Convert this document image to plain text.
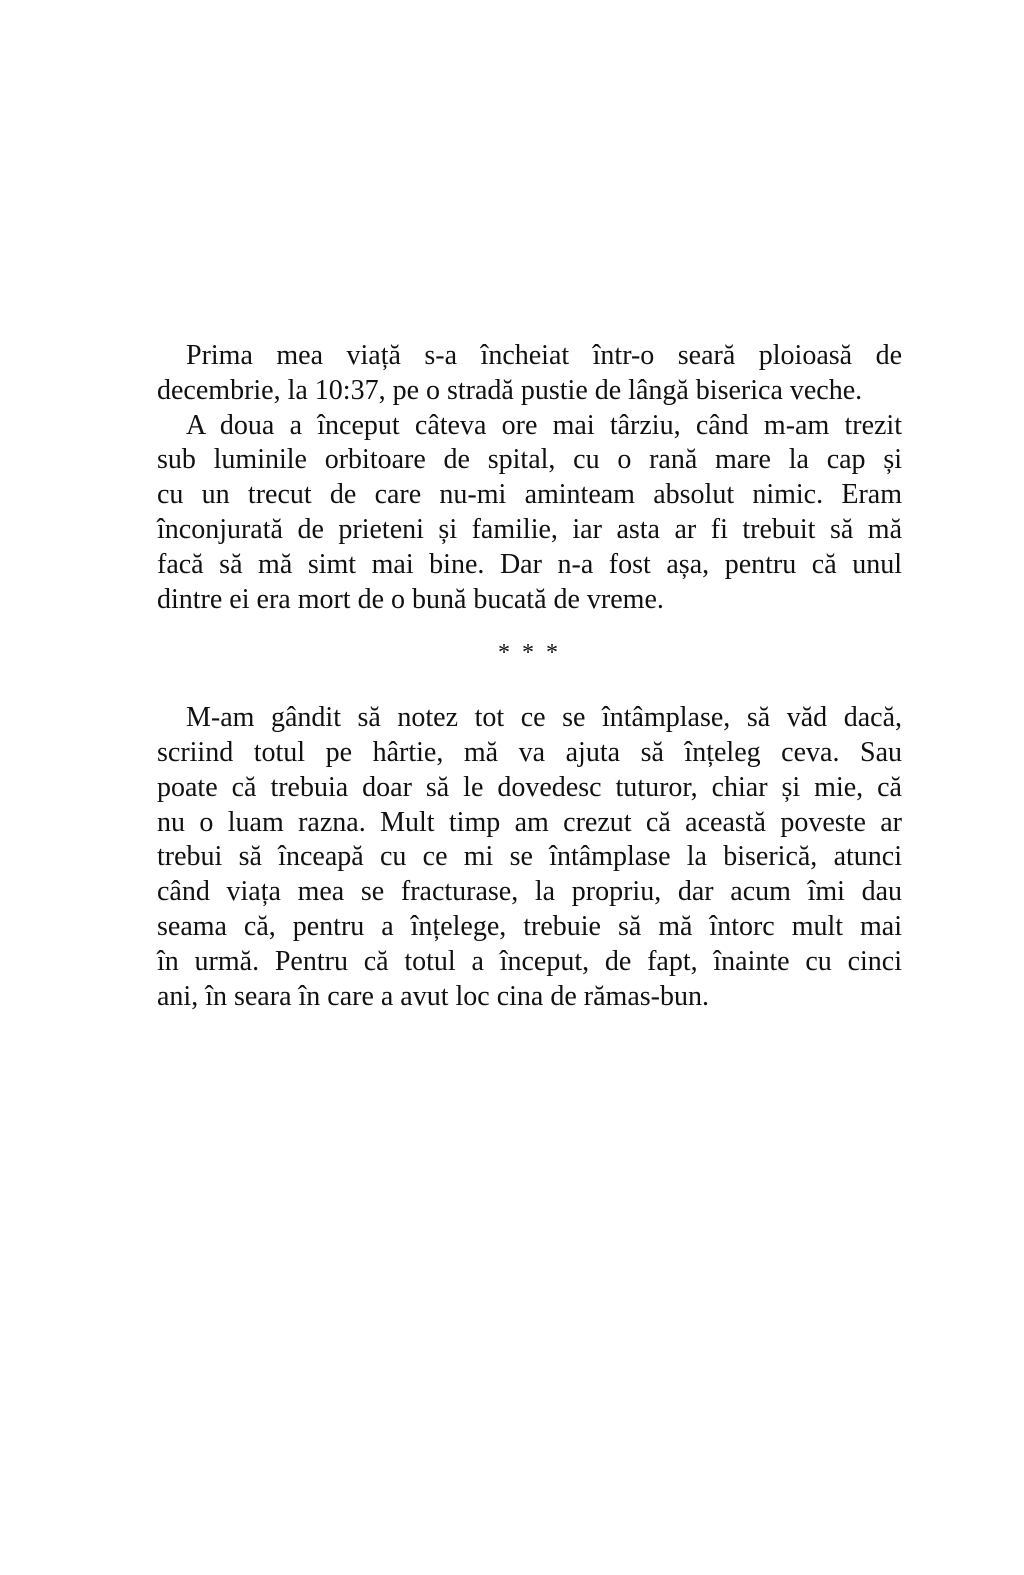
Prima mea viață s-a încheiat într-o seară ploioasă de
decembrie, la 10:37, pe o stradă pustie de lângă biserica veche.
A doua a început câteva ore mai târziu, când m-am trezit
sub luminile orbitoare de spital, cu o rană mare la cap și
cu un trecut de care nu-mi aminteam absolut nimic. Eram
înconjurată de prieteni și familie, iar asta ar fi trebuit să mă
facă să mă simt mai bine. Dar n-a fost așa, pentru că unul
dintre ei era mort de o bună bucată de vreme.
* * *
M-am gândit să notez tot ce se întâmplase, să văd dacă,
scriind totul pe hârtie, mă va ajuta să înțeleg ceva. Sau
poate că trebuia doar să le dovedesc tuturor, chiar și mie, că
nu o luam razna. Mult timp am crezut că această poveste ar
trebui să înceapă cu ce mi se întâmplase la biserică, atunci
când viața mea se fracturase, la propriu, dar acum îmi dau
seama că, pentru a înțelege, trebuie să mă întorc mult mai
în urmă. Pentru că totul a început, de fapt, înainte cu cinci
ani, în seara în care a avut loc cina de rămas-bun.
